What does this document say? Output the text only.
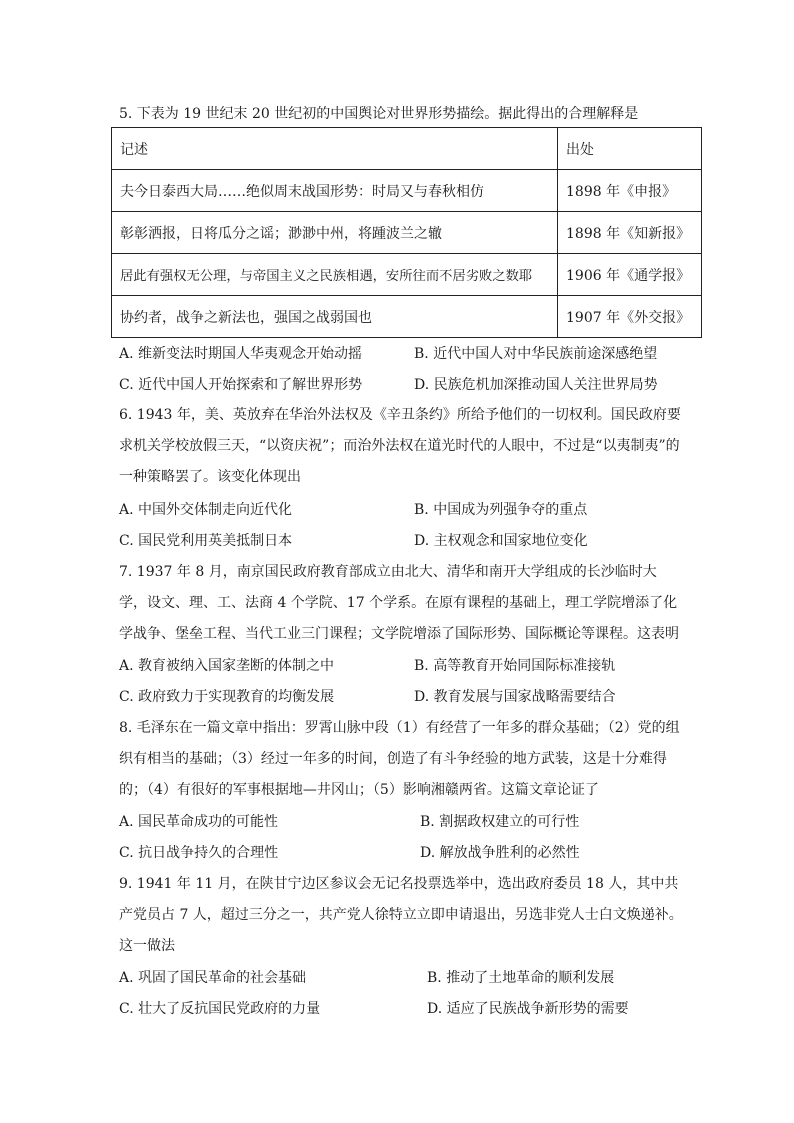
5. 下表为 19 世纪末 20 世纪初的中国舆论对世界形势描绘。据此得出的合理解释是
记述	出处
夫今日泰西大局……绝似周末战国形势：时局又与春秋相仿	1898 年《申报》
彰彰洒报，日将瓜分之谣；渺渺中州，将踵波兰之辙	1898 年《知新报》
居此有强权无公理，与帝国主义之民族相遇，安所往而不居劣败之数耶	1906 年《通学报》
协约者，战争之新法也，强国之战弱国也	1907 年《外交报》
A. 维新变法时期国人华夷观念开始动摇	B. 近代中国人对中华民族前途深感绝望
C. 近代中国人开始探索和了解世界形势	D. 民族危机加深推动国人关注世界局势
6. 1943 年，美、英放弃在华治外法权及《辛丑条约》所给予他们的一切权利。国民政府要求机关学校放假三天，“以资庆祝”；而治外法权在道光时代的人眼中，不过是“以夷制夷”的一种策略罢了。该变化体现出
A. 中国外交体制走向近代化	B. 中国成为列强争夺的重点
C. 国民党利用英美抵制日本	D. 主权观念和国家地位变化
7. 1937 年 8 月，南京国民政府教育部成立由北大、清华和南开大学组成的长沙临时大学，设文、理、工、法商 4 个学院、17 个学系。在原有课程的基础上，理工学院增添了化学战争、堡垒工程、当代工业三门课程；文学院增添了国际形势、国际概论等课程。这表明
A. 教育被纳入国家垄断的体制之中	B. 高等教育开始同国际标准接轨
C. 政府致力于实现教育的均衡发展	D. 教育发展与国家战略需要结合
8. 毛泽东在一篇文章中指出：罗霄山脉中段（1）有经营了一年多的群众基础；（2）党的组织有相当的基础；（3）经过一年多的时间，创造了有斗争经验的地方武装，这是十分难得的；（4）有很好的军事根据地—井冈山；（5）影响湘赣两省。这篇文章论证了
A. 国民革命成功的可能性	B. 割据政权建立的可行性
C. 抗日战争持久的合理性	D. 解放战争胜利的必然性
9. 1941 年 11 月，在陕甘宁边区参议会无记名投票选举中，选出政府委员 18 人，其中共产党员占 7 人，超过三分之一，共产党人徐特立立即申请退出，另选非党人士白文焕递补。这一做法
A. 巩固了国民革命的社会基础	B. 推动了土地革命的顺利发展
C. 壮大了反抗国民党政府的力量	D. 适应了民族战争新形势的需要
